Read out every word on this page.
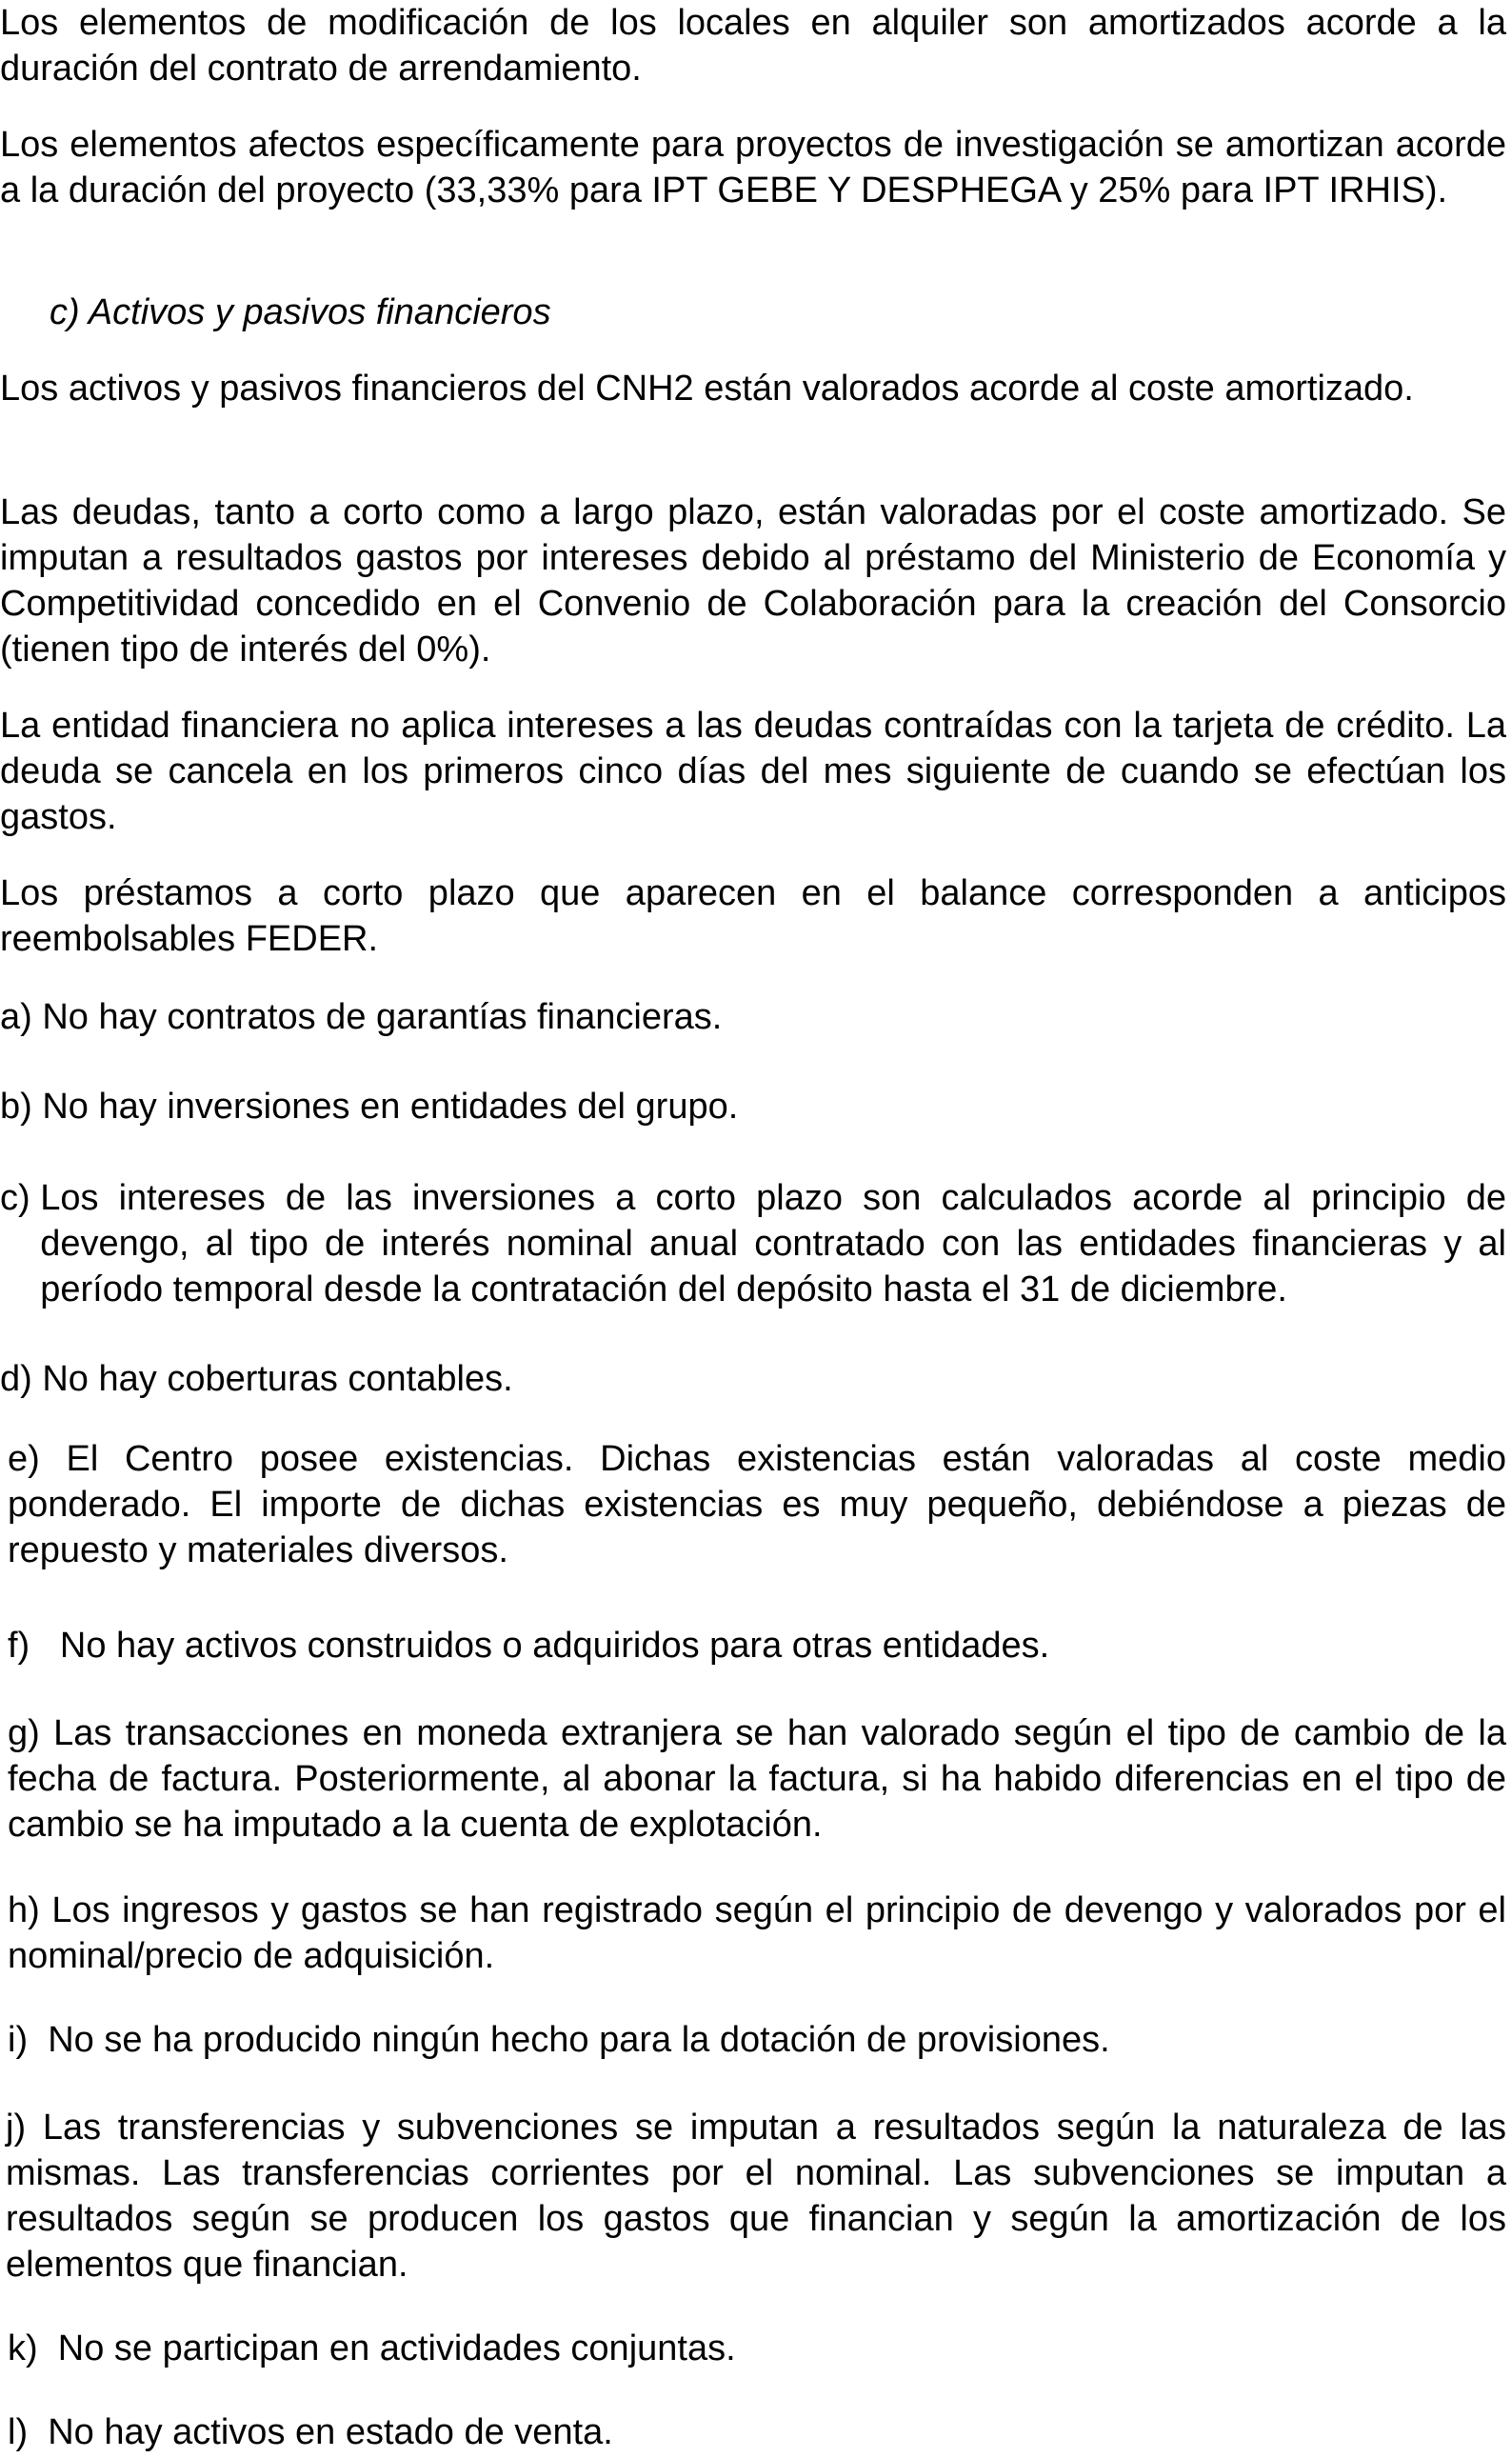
Los elementos de modificación de los locales en alquiler son amortizados acorde a la duración del contrato de arrendamiento.

Los elementos afectos específicamente para proyectos de investigación se amortizan acorde a la duración del proyecto (33,33% para IPT GEBE Y DESPHEGA y 25% para IPT IRHIS).

c) Activos y pasivos financieros

Los activos y pasivos financieros del CNH2 están valorados acorde al coste amortizado.

Las deudas, tanto a corto como a largo plazo, están valoradas por el coste amortizado. Se imputan a resultados gastos por intereses debido al préstamo del Ministerio de Economía y Competitividad concedido en el Convenio de Colaboración para la creación del Consorcio (tienen tipo de interés del 0%).

La entidad financiera no aplica intereses a las deudas contraídas con la tarjeta de crédito. La deuda se cancela en los primeros cinco días del mes siguiente de cuando se efectúan los gastos.

Los préstamos a corto plazo que aparecen en el balance corresponden a anticipos reembolsables FEDER.

a) No hay contratos de garantías financieras.
b) No hay inversiones en entidades del grupo.
c) Los intereses de las inversiones a corto plazo son calculados acorde al principio de devengo, al tipo de interés nominal anual contratado con las entidades financieras y al período temporal desde la contratación del depósito hasta el 31 de diciembre.
d) No hay coberturas contables.

e) El Centro posee existencias. Dichas existencias están valoradas al coste medio ponderado. El importe de dichas existencias es muy pequeño, debiéndose a piezas de repuesto y materiales diversos.

f) No hay activos construidos o adquiridos para otras entidades.

g) Las transacciones en moneda extranjera se han valorado según el tipo de cambio de la fecha de factura. Posteriormente, al abonar la factura, si ha habido diferencias en el tipo de cambio se ha imputado a la cuenta de explotación.

h) Los ingresos y gastos se han registrado según el principio de devengo y valorados por el nominal/precio de adquisición.

i) No se ha producido ningún hecho para la dotación de provisiones.

j) Las transferencias y subvenciones se imputan a resultados según la naturaleza de las mismas. Las transferencias corrientes por el nominal. Las subvenciones se imputan a resultados según se producen los gastos que financian y según la amortización de los elementos que financian.

k) No se participan en actividades conjuntas.
l) No hay activos en estado de venta.
